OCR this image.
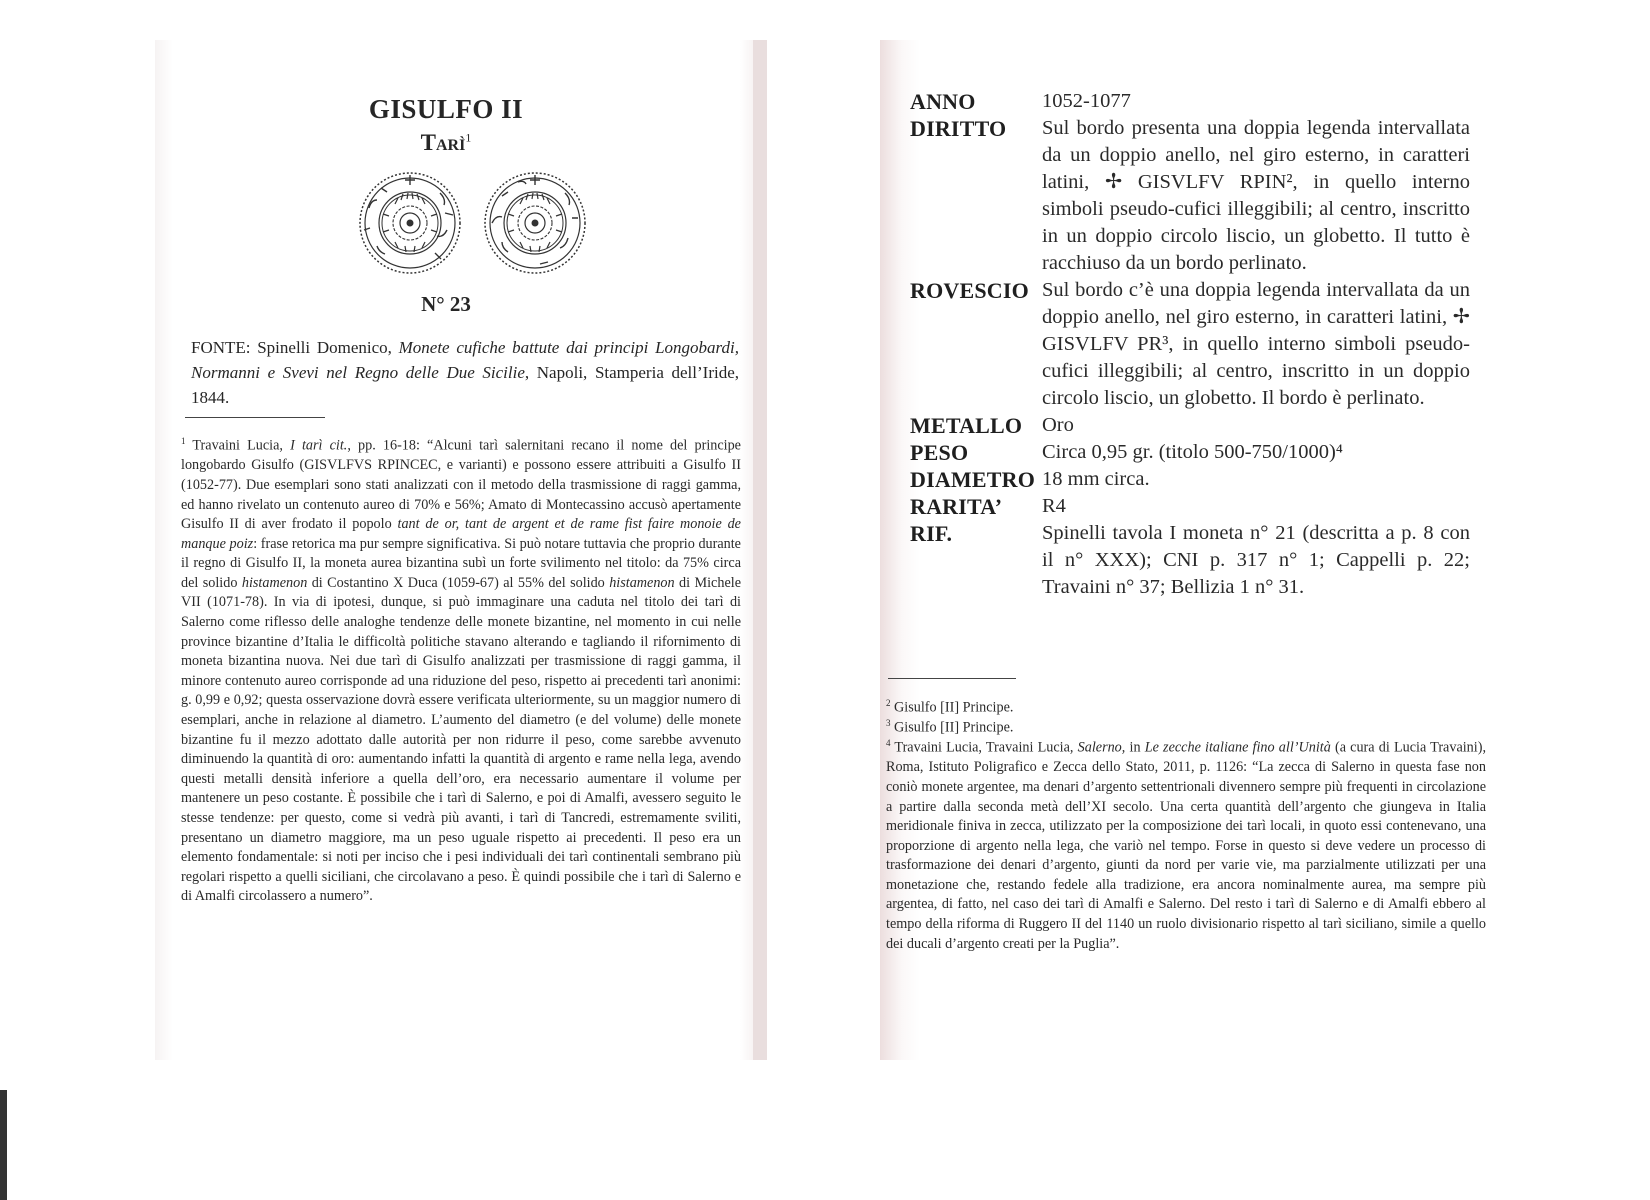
GISULFO II
Tarì$^1$
N° 23
FONTE: Spinelli Domenico, Monete cufiche battute dai principi Longobardi, Normanni e Svevi nel Regno delle Due Sicilie, Napoli, Stamperia dell’Iride, 1844.
$^1$ Travaini Lucia, I tarì cit., pp. 16-18: “Alcuni tarì salernitani recano il nome del principe longobardo Gisulfo (GISVLFVS RPINCEC, e varianti) e possono essere attribuiti a Gisulfo II (1052-77). Due esemplari sono stati analizzati con il metodo della trasmissione di raggi gamma, ed hanno rivelato un contenuto aureo di 70% e 56%; Amato di Montecassino accusò apertamente Gisulfo II di aver frodato il popolo tant de or, tant de argent et de rame fist faire monoie de manque poiz: frase retorica ma pur sempre significativa. Si può notare tuttavia che proprio durante il regno di Gisulfo II, la moneta aurea bizantina subì un forte svilimento nel titolo: da 75% circa del solido histamenon di Costantino X Duca (1059-67) al 55% del solido histamenon di Michele VII (1071-78). In via di ipotesi, dunque, si può immaginare una caduta nel titolo dei tarì di Salerno come riflesso delle analoghe tendenze delle monete bizantine, nel momento in cui nelle province bizantine d’Italia le difficoltà politiche stavano alterando e tagliando il rifornimento di moneta bizantina nuova. Nei due tarì di Gisulfo analizzati per trasmissione di raggi gamma, il minore contenuto aureo corrisponde ad una riduzione del peso, rispetto ai precedenti tarì anonimi: g. 0,99 e 0,92; questa osservazione dovrà essere verificata ulteriormente, su un maggior numero di esemplari, anche in relazione al diametro. L’aumento del diametro (e del volume) delle monete bizantine fu il mezzo adottato dalle autorità per non ridurre il peso, come sarebbe avvenuto diminuendo la quantità di oro: aumentando infatti la quantità di argento e rame nella lega, avendo questi metalli densità inferiore a quella dell’oro, era necessario aumentare il volume per mantenere un peso costante. È possibile che i tarì di Salerno, e poi di Amalfi, avessero seguito le stesse tendenze: per questo, come si vedrà più avanti, i tarì di Tancredi, estremamente sviliti, presentano un diametro maggiore, ma un peso uguale rispetto ai precedenti. Il peso era un elemento fondamentale: si noti per inciso che i pesi individuali dei tarì continentali sembrano più regolari rispetto a quelli siciliani, che circolavano a peso. È quindi possibile che i tarì di Salerno e di Amalfi circolassero a numero”.
ANNO	1052-1077
DIRITTO	Sul bordo presenta una doppia legenda intervallata da un doppio anello, nel giro esterno, in caratteri latini, ✢ GISVLFV RPIN², in quello interno simboli pseudo-cufici illeggibili; al centro, inscritto in un doppio circolo liscio, un globetto. Il tutto è racchiuso da un bordo perlinato.
ROVESCIO Sul bordo c’è una doppia legenda intervallata da un doppio anello, nel giro esterno, in caratteri latini, ✢ GISVLFV PR³, in quello interno simboli pseudo-cufici illeggibili; al centro, inscritto in un doppio circolo liscio, un globetto. Il bordo è perlinato.
METALLO Oro
PESO	Circa 0,95 gr. (titolo 500-750/1000)⁴
DIAMETRO 18 mm circa.
RARITA’	R4
RIF.	Spinelli tavola I moneta n° 21 (descritta a p. 8 con il n° XXX); CNI p. 317 n° 1; Cappelli p. 22; Travaini n° 37; Bellizia 1 n° 31.
$^2$ Gisulfo [II] Principe.
$^3$ Gisulfo [II] Principe.
$^4$ Travaini Lucia, Travaini Lucia, Salerno, in Le zecche italiane fino all’Unità (a cura di Lucia Travaini), Roma, Istituto Poligrafico e Zecca dello Stato, 2011, p. 1126: “La zecca di Salerno in questa fase non coniò monete argentee, ma denari d’argento settentrionali divennero sempre più frequenti in circolazione a partire dalla seconda metà dell’XI secolo. Una certa quantità dell’argento che giungeva in Italia meridionale finiva in zecca, utilizzato per la composizione dei tarì locali, in quoto essi contenevano, una proporzione di argento nella lega, che variò nel tempo. Forse in questo si deve vedere un processo di trasformazione dei denari d’argento, giunti da nord per varie vie, ma parzialmente utilizzati per una monetazione che, restando fedele alla tradizione, era ancora nominalmente aurea, ma sempre più argentea, di fatto, nel caso dei tarì di Amalfi e Salerno. Del resto i tarì di Salerno e di Amalfi ebbero al tempo della riforma di Ruggero II del 1140 un ruolo divisionario rispetto al tarì siciliano, simile a quello dei ducali d’argento creati per la Puglia”.
